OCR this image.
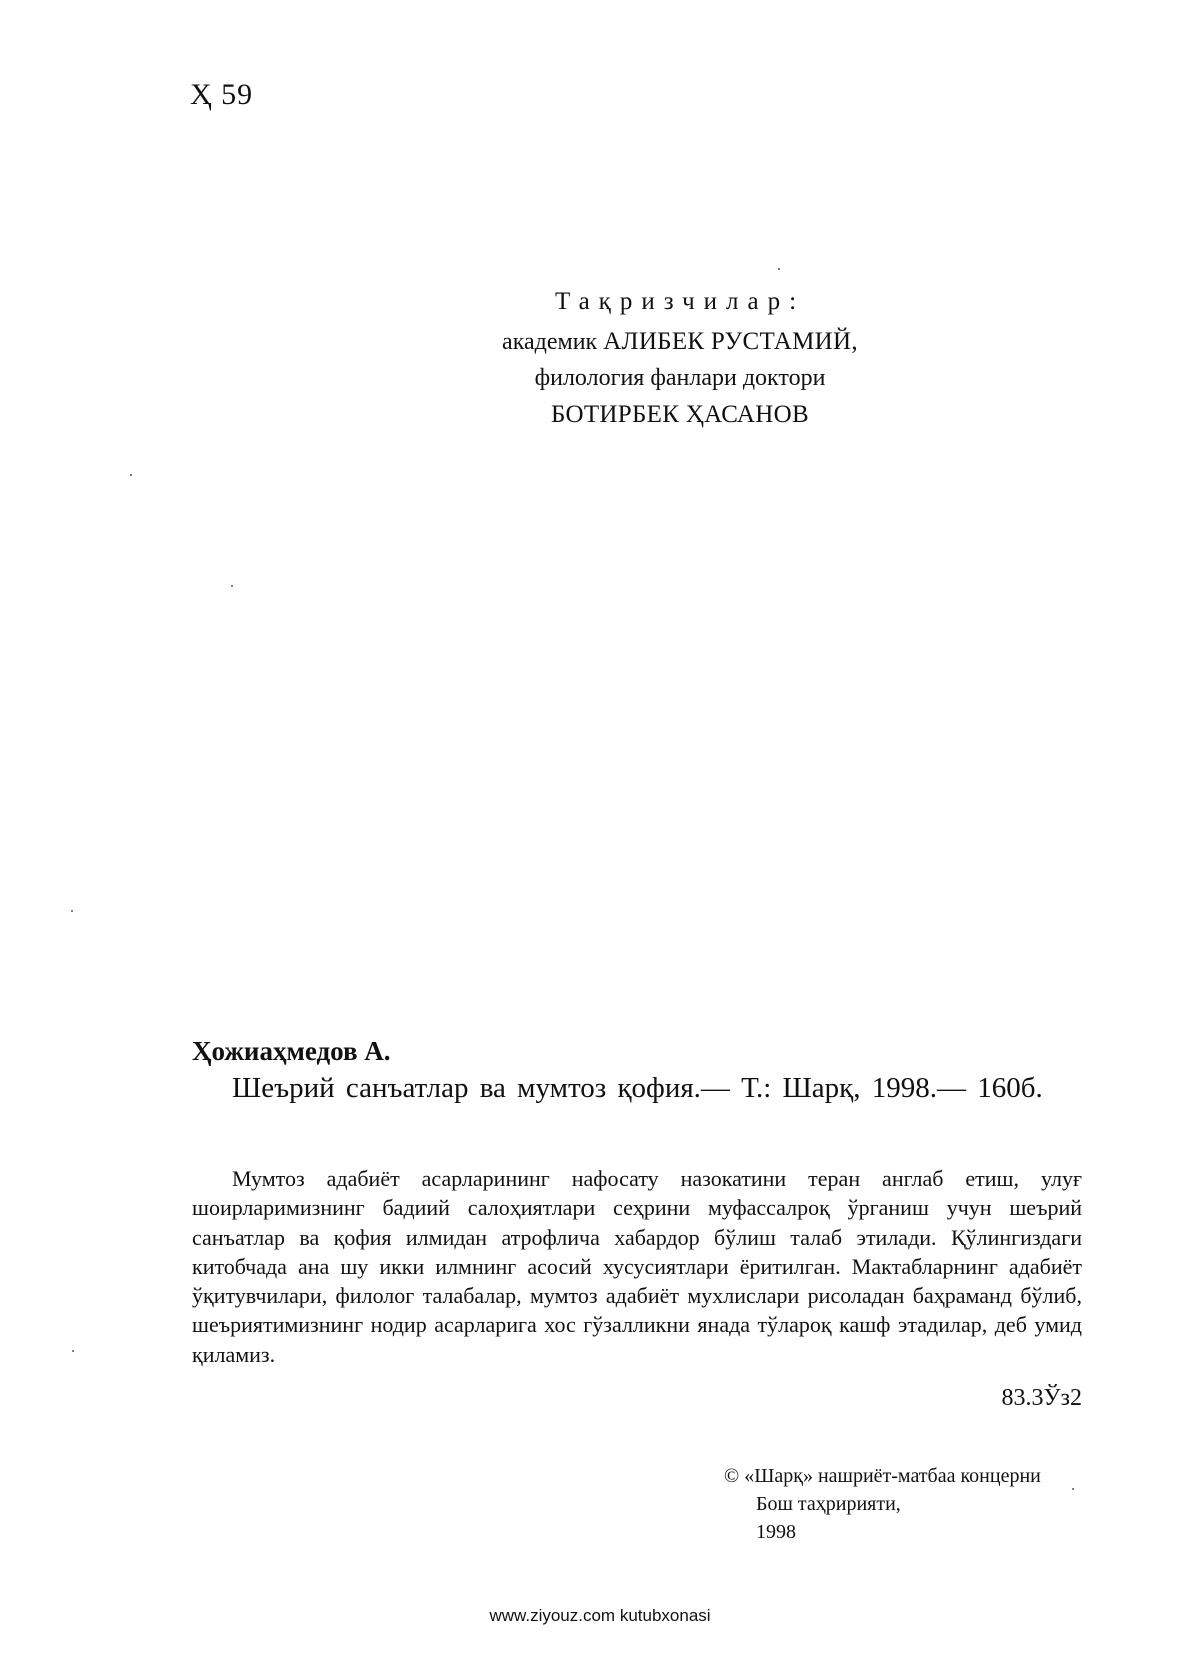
Ҳ 59
Тақризчилар:
академик АЛИБЕК РУСТАМИЙ,
филология фанлари доктори
БОТИРБЕК ҲАСАНОВ

Ҳожиаҳмедов А.

Шеърий санъатлар ва мумтоз қофия.— Т.: Шарқ, 1998.— 160б.

Мумтоз адабиёт асарларининг нафосату назокатини теран англаб етиш, улуғ шоирларимизнинг бадиий салоҳиятлари сеҳрини муфассалроқ ўрганиш учун шеърий санъатлар ва қофия илмидан атрофлича хабардор бўлиш талаб этилади. Қўлингиздаги китобчада ана шу икки илмнинг асосий хусусиятлари ёритилган. Мактабларнинг адабиёт ўқитувчилари, филолог талабалар, мумтоз адабиёт мухлислари рисоладан баҳраманд бўлиб, шеъриятимизнинг нодир асарларига хос гўзалликни янада тўлароқ кашф этадилар, деб умид қиламиз.

83.3Ўз2
© «Шарқ» нашриёт-матбаа концерни
Бош таҳририяти,
1998
www.ziyouz.com kutubxonasi
